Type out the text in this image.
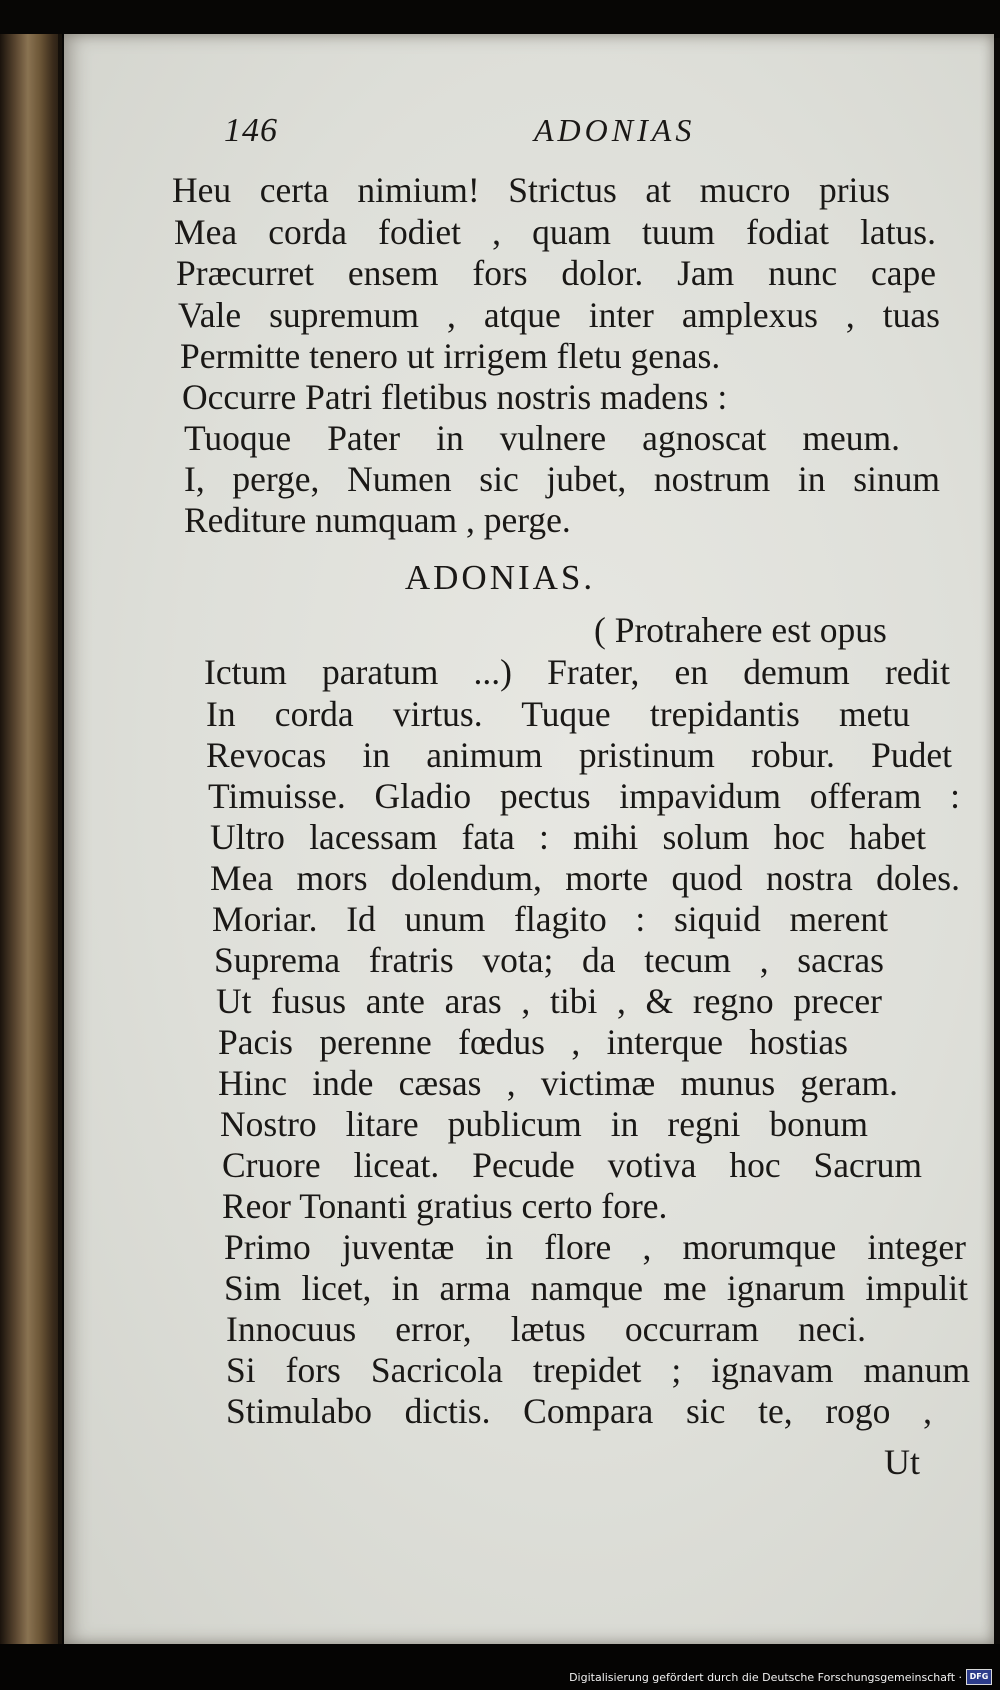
146	ADONIAS
Heu certa nimium! Strictus at mucro prius
Mea corda fodiet , quam tuum fodiat latus.
Præcurret ensem fors dolor. Jam nunc cape
Vale supremum , atque inter amplexus , tuas
Permitte tenero ut irrigem fletu genas.
Occurre Patri fletibus nostris madens :
Tuoque Pater in vulnere agnoscat meum.
I, perge, Numen sic jubet, nostrum in sinum
Rediture numquam , perge.
ADONIAS.
( Protrahere est opus
Ictum paratum ...) Frater, en demum redit
In corda virtus. Tuque trepidantis metu
Revocas in animum pristinum robur. Pudet
Timuisse. Gladio pectus impavidum offeram :
Ultro lacessam fata : mihi solum hoc habet
Mea mors dolendum, morte quod nostra doles.
Moriar. Id unum flagito : siquid merent
Suprema fratris vota; da tecum , sacras
Ut fusus ante aras , tibi , & regno precer
Pacis perenne fœdus , interque hostias
Hinc inde cæsas , victimæ munus geram.
Nostro litare publicum in regni bonum
Cruore liceat. Pecude votiva hoc Sacrum
Reor Tonanti gratius certo fore.
Primo juventæ in flore , morumque integer
Sim licet, in arma namque me ignarum impulit
Innocuus error, lætus occurram neci.
Si fors Sacricola trepidet ; ignavam manum
Stimulabo dictis. Compara sic te, rogo ,
Ut
Digitalisierung gefördert durch die Deutsche Forschungsgemeinschaft · DFG
